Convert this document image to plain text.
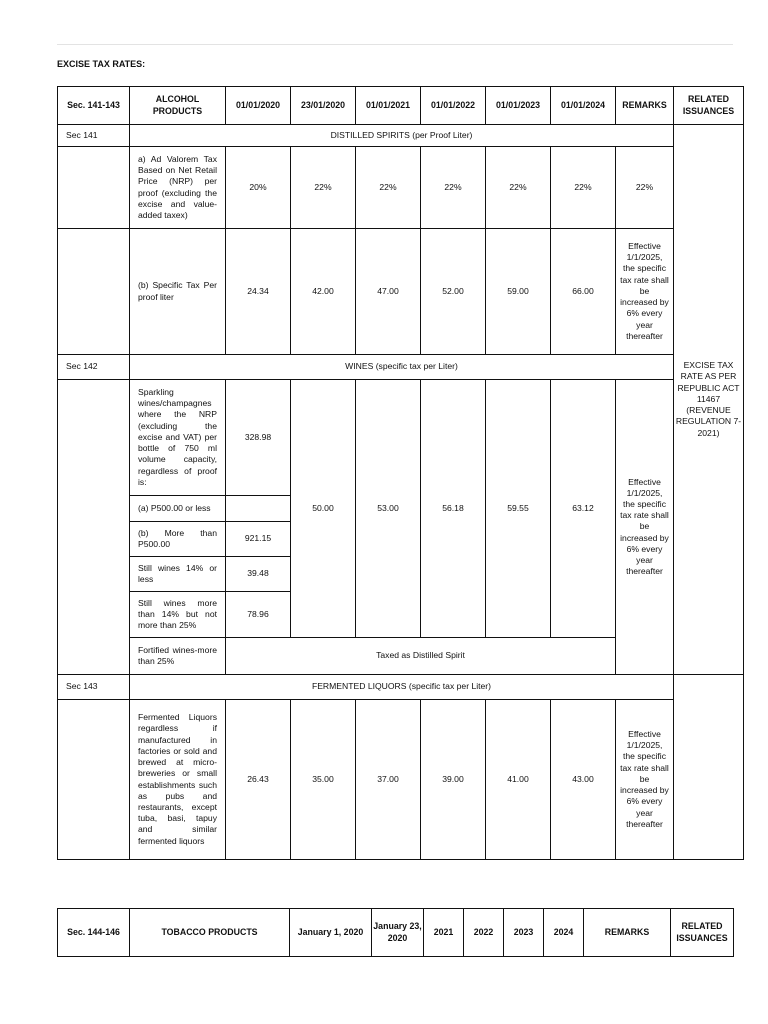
EXCISE TAX RATES:
Sec. 141-143	ALCOHOL PRODUCTS	01/01/2020	23/01/2020	01/01/2021	01/01/2022	01/01/2023	01/01/2024	REMARKS	RELATED ISSUANCES
Sec 141	DISTILLED SPIRITS (per Proof Liter)								EXCISE TAX RATE AS PER REPUBLIC ACT 11467 (REVENUE REGULATION 7-2021)
	a) Ad Valorem Tax Based on Net Retail Price (NRP) per proof (excluding the excise and value-added taxex)	20%	22%	22%	22%	22%	22%	22%	
	(b) Specific Tax Per proof liter	24.34	42.00	47.00	52.00	59.00	66.00	Effective 1/1/2025, the specific tax rate shall be increased by 6% every year thereafter	
Sec 142	WINES (specific tax per Liter)								
	Sparkling wines/champagnes where the NRP (excluding the excise and VAT) per bottle of 750 ml volume capacity, regardless of proof is:	328.98	50.00	53.00	56.18	59.55	63.12	Effective 1/1/2025, the specific tax rate shall be increased by 6% every year thereafter	
	(a) P500.00 or less								
	(b) More than P500.00	921.15							
	Still wines 14% or less	39.48							
	Still wines more than 14% but not more than 25%	78.96							
	Fortified wines-more than 25%	Taxed as Distilled Spirit							
Sec 143	FERMENTED LIQUORS (specific tax per Liter)								
	Fermented Liquors regardless if manufactured in factories or sold and brewed at micro-breweries or small establishments such as pubs and restaurants, except tuba, basi, tapuy and similar fermented liquors	26.43	35.00	37.00	39.00	41.00	43.00	Effective 1/1/2025, the specific tax rate shall be increased by 6% every year thereafter	
Sec. 144-146	TOBACCO PRODUCTS	January 1, 2020	January 23, 2020	2021	2022	2023	2024	REMARKS	RELATED ISSUANCES
